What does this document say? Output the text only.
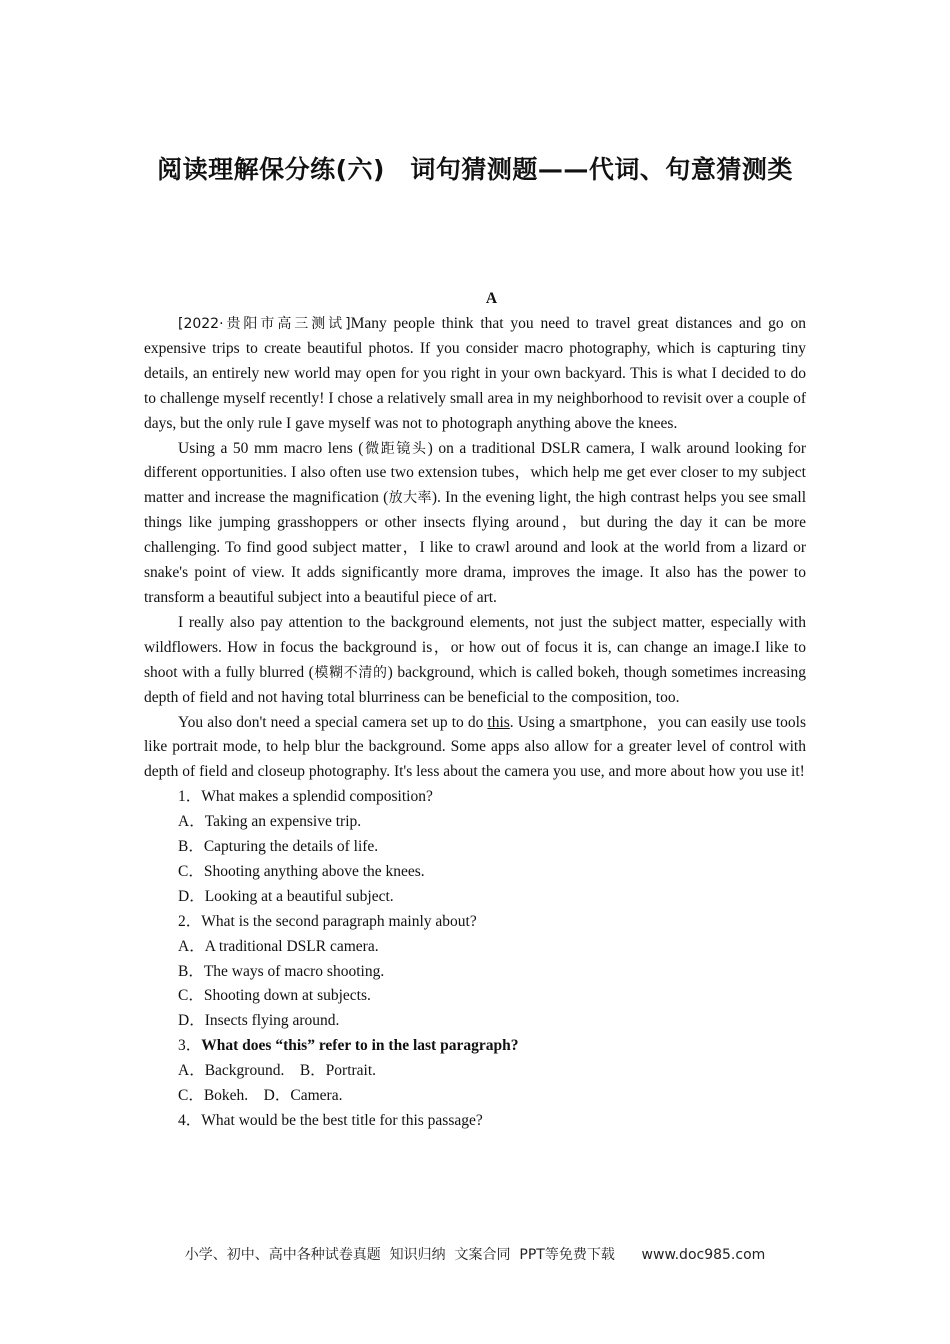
阅读理解保分练(六)　词句猜测题——代词、句意猜测类
A

[2022·贵阳市高三测试]Many people think that you need to travel great distances and go on expensive trips to create beautiful photos. If you consider macro photography, which is capturing tiny details, an entirely new world may open for you right in your own backyard. This is what I decided to do to challenge myself recently! I chose a relatively small area in my neighborhood to revisit over a couple of days, but the only rule I gave myself was not to photograph anything above the knees.

Using a 50 mm macro lens (微距镜头) on a traditional DSLR camera, I walk around looking for different opportunities. I also often use two extension tubes，which help me get ever closer to my subject matter and increase the magnification (放大率). In the evening light, the high contrast helps you see small things like jumping grasshoppers or other insects flying around，but during the day it can be more challenging. To find good subject matter，I like to crawl around and look at the world from a lizard or snake's point of view. It adds significantly more drama, improves the image. It also has the power to transform a beautiful subject into a beautiful piece of art.

I really also pay attention to the background elements, not just the subject matter, especially with wildflowers. How in focus the background is，or how out of focus it is, can change an image.I like to shoot with a fully blurred (模糊不清的) background, which is called bokeh, though sometimes increasing depth of field and not having total blurriness can be beneficial to the composition, too.

You also don't need a special camera set up to do this. Using a smartphone，you can easily use tools like portrait mode, to help blur the background. Some apps also allow for a greater level of control with depth of field and closeup photography. It's less about the camera you use, and more about how you use it!

1．What makes a splendid composition?

A．Taking an expensive trip.

B．Capturing the details of life.

C．Shooting anything above the knees.

D．Looking at a beautiful subject.

2．What is the second paragraph mainly about?

A．A traditional DSLR camera.

B．The ways of macro shooting.

C．Shooting down at subjects.

D．Insects flying around.

3．What does “this” refer to in the last paragraph?

A．Background.　B．Portrait.

C．Bokeh.　D．Camera.

4．What would be the best title for this passage?

小学、初中、高中各种试卷真题  知识归纳  文案合同  PPT等免费下载      www.doc985.com
